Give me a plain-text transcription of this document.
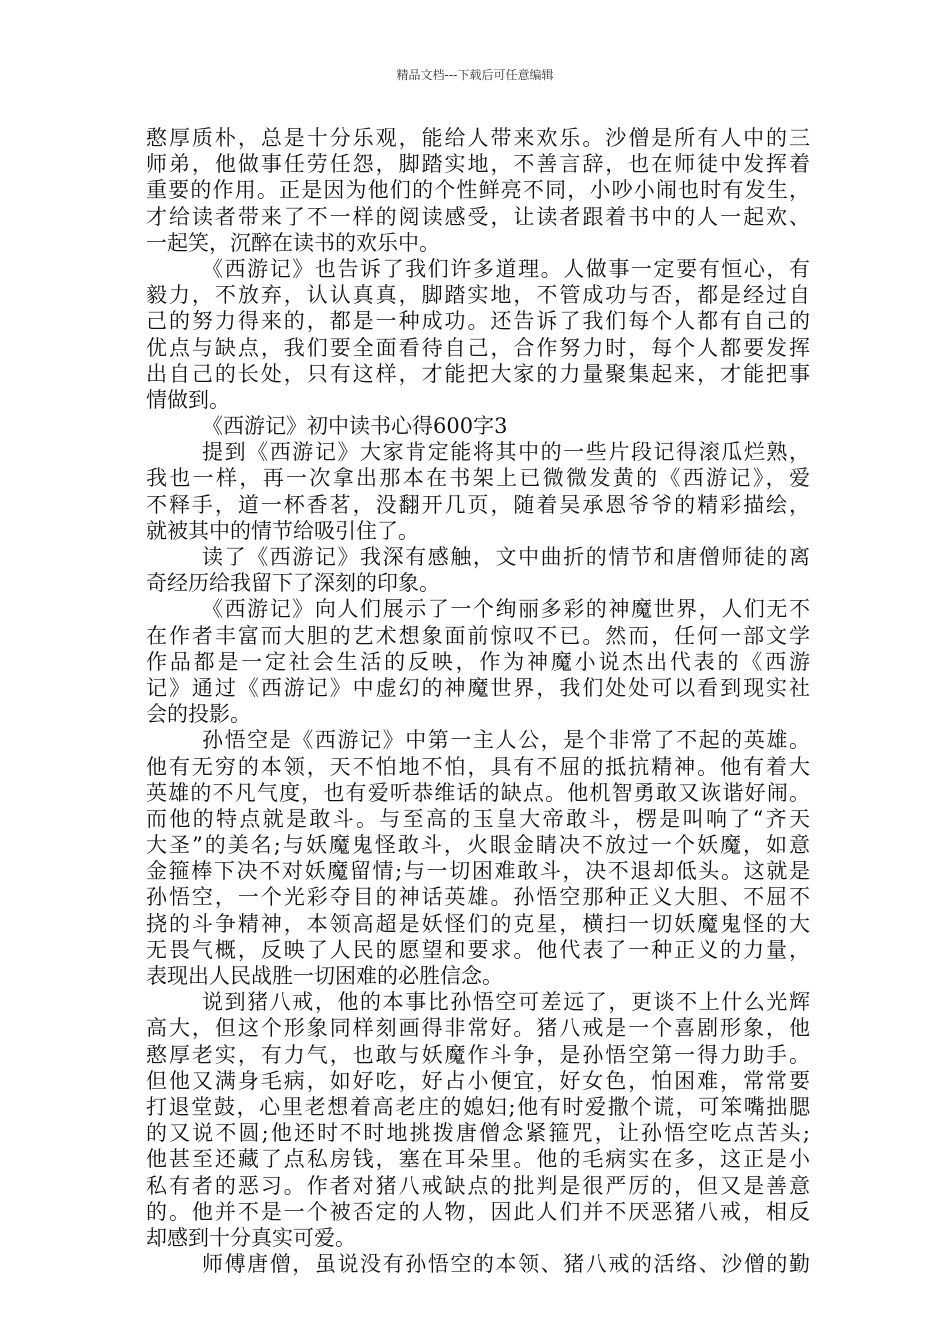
精品文档---下载后可任意编辑
憨厚质朴，总是十分乐观，能给人带来欢乐。沙僧是所有人中的三
师弟，他做事任劳任怨，脚踏实地，不善言辞，也在师徒中发挥着
重要的作用。正是因为他们的个性鲜亮不同，小吵小闹也时有发生，
才给读者带来了不一样的阅读感受，让读者跟着书中的人一起欢、
一起笑，沉醉在读书的欢乐中。
《西游记》也告诉了我们许多道理。人做事一定要有恒心，有
毅力，不放弃，认认真真，脚踏实地，不管成功与否，都是经过自
己的努力得来的，都是一种成功。还告诉了我们每个人都有自己的
优点与缺点，我们要全面看待自己，合作努力时，每个人都要发挥
出自己的长处，只有这样，才能把大家的力量聚集起来，才能把事
情做到。
《西游记》初中读书心得600字3
提到《西游记》大家肯定能将其中的一些片段记得滚瓜烂熟，
我也一样，再一次拿出那本在书架上已微微发黄的《西游记》，爱
不释手，道一杯香茗，没翻开几页，随着吴承恩爷爷的精彩描绘，
就被其中的情节给吸引住了。
读了《西游记》我深有感触，文中曲折的情节和唐僧师徒的离
奇经历给我留下了深刻的印象。
《西游记》向人们展示了一个绚丽多彩的神魔世界，人们无不
在作者丰富而大胆的艺术想象面前惊叹不已。然而，任何一部文学
作品都是一定社会生活的反映，作为神魔小说杰出代表的《西游
记》通过《西游记》中虚幻的神魔世界，我们处处可以看到现实社
会的投影。
孙悟空是《西游记》中第一主人公，是个非常了不起的英雄。
他有无穷的本领，天不怕地不怕，具有不屈的抵抗精神。他有着大
英雄的不凡气度，也有爱听恭维话的缺点。他机智勇敢又诙谐好闹。
而他的特点就是敢斗。与至高的玉皇大帝敢斗，楞是叫响了“齐天
大圣”的美名;与妖魔鬼怪敢斗，火眼金睛决不放过一个妖魔，如意
金箍棒下决不对妖魔留情;与一切困难敢斗，决不退却低头。这就是
孙悟空，一个光彩夺目的神话英雄。孙悟空那种正义大胆、不屈不
挠的斗争精神，本领高超是妖怪们的克星，横扫一切妖魔鬼怪的大
无畏气概，反映了人民的愿望和要求。他代表了一种正义的力量，
表现出人民战胜一切困难的必胜信念。
说到猪八戒，他的本事比孙悟空可差远了，更谈不上什么光辉
高大，但这个形象同样刻画得非常好。猪八戒是一个喜剧形象，他
憨厚老实，有力气，也敢与妖魔作斗争，是孙悟空第一得力助手。
但他又满身毛病，如好吃，好占小便宜，好女色，怕困难，常常要
打退堂鼓，心里老想着高老庄的媳妇;他有时爱撒个谎，可笨嘴拙腮
的又说不圆;他还时不时地挑拨唐僧念紧箍咒，让孙悟空吃点苦头;
他甚至还藏了点私房钱，塞在耳朵里。他的毛病实在多，这正是小
私有者的恶习。作者对猪八戒缺点的批判是很严厉的，但又是善意
的。他并不是一个被否定的人物，因此人们并不厌恶猪八戒，相反
却感到十分真实可爱。
师傅唐僧，虽说没有孙悟空的本领、猪八戒的活络、沙僧的勤
